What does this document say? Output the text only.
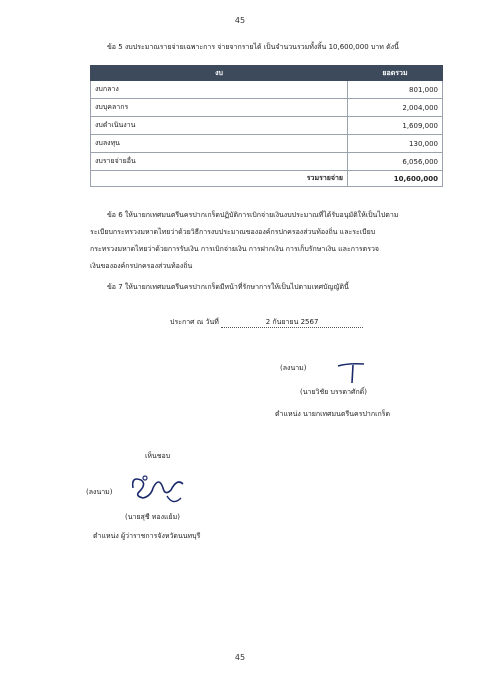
45
ข้อ 5 งบประมาณรายจ่ายเฉพาะการ จ่ายจากรายได้ เป็นจำนวนรวมทั้งสิ้น 10,600,000 บาท ดังนี้
งบ	ยอดรวม
งบกลาง	801,000
งบบุคลากร	2,004,000
งบดำเนินงาน	1,609,000
งบลงทุน	130,000
งบรายจ่ายอื่น	6,056,000
รวมรายจ่าย	10,600,000
ข้อ 6 ให้นายกเทศมนตรีนครปากเกร็ดปฏิบัติการเบิกจ่ายเงินงบประมาณที่ได้รับอนุมัติให้เป็นไปตาม
ระเบียบกระทรวงมหาดไทยว่าด้วยวิธีการงบประมาณขององค์กรปกครองส่วนท้องถิ่น และระเบียบ
กระทรวงมหาดไทยว่าด้วยการรับเงิน การเบิกจ่ายเงิน การฝากเงิน การเก็บรักษาเงิน และการตรวจ
เงินขององค์กรปกครองส่วนท้องถิ่น
ข้อ 7 ให้นายกเทศมนตรีนครปากเกร็ดมีหน้าที่รักษาการให้เป็นไปตามเทศบัญญัตินี้
ประกาศ ณ วันที่	2 กันยายน 2567
(ลงนาม)
(นายวิชัย บรรดาศักดิ์)
ตำแหน่ง นายกเทศมนตรีนครปากเกร็ด
เห็นชอบ
(ลงนาม)
(นายสุชี ทองแย้ม)
ตำแหน่ง ผู้ว่าราชการจังหวัดนนทบุรี
45
